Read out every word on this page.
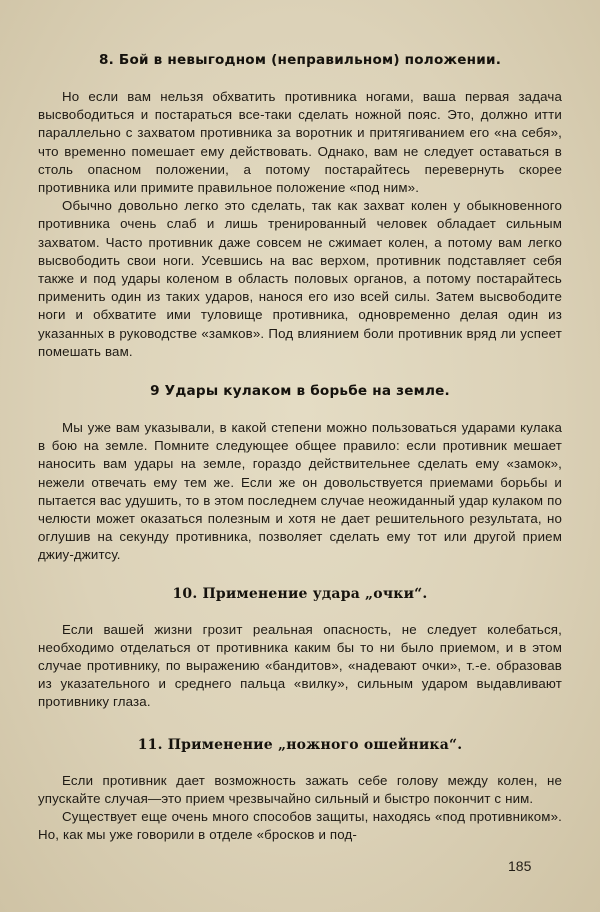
8. Бой в невыгодном (неправильном) положении.

Но если вам нельзя обхватить противника ногами, ваша первая задача высвободиться и постараться все-таки сделать ножной пояс. Это, должно итти параллельно с захватом противника за воротник и притягиванием его «на себя», что временно помешает ему действовать. Однако, вам не следует оставаться в столь опасном положении, а потому постарайтесь перевернуть скорее противника или примите правильное положение «под ним».

Обычно довольно легко это сделать, так как захват колен у обыкновенного противника очень слаб и лишь тренированный человек обладает сильным захватом. Часто противник даже совсем не сжимает колен, а потому вам легко высвободить свои ноги. Усевшись на вас верхом, противник подставляет себя также и под удары коленом в область половых органов, а потому постарайтесь применить один из таких ударов, нанося его изо всей силы. Затем высвободите ноги и обхватите ими туловище противника, одновременно делая один из указанных в руководстве «замков». Под влиянием боли противник вряд ли успеет помешать вам.

9 Удары кулаком в борьбе на земле.

Мы уже вам указывали, в какой степени можно пользоваться ударами кулака в бою на земле. Помните следующее общее правило: если противник мешает наносить вам удары на земле, гораздо действительнее сделать ему «замок», нежели отвечать ему тем же. Если же он довольствуется приемами борьбы и пытается вас удушить, то в этом последнем случае неожиданный удар кулаком по челюсти может оказаться полезным и хотя не дает решительного результата, но оглушив на секунду противника, позволяет сделать ему тот или другой прием джиу-джитсу.

10. Применение удара „очки“.

Если вашей жизни грозит реальная опасность, не следует колебаться, необходимо отделаться от противника каким бы то ни было приемом, и в этом случае противнику, по выражению «бандитов», «надевают очки», т.-е. образовав из указательного и среднего пальца «вилку», сильным ударом выдавливают противнику глаза.

11. Применение „ножного ошейника“.

Если противник дает возможность зажать себе голову между колен, не упускайте случая—это прием чрезвычайно сильный и быстро покончит с ним.

Существует еще очень много способов защиты, находясь «под противником». Но, как мы уже говорили в отделе «бросков и под-

185
